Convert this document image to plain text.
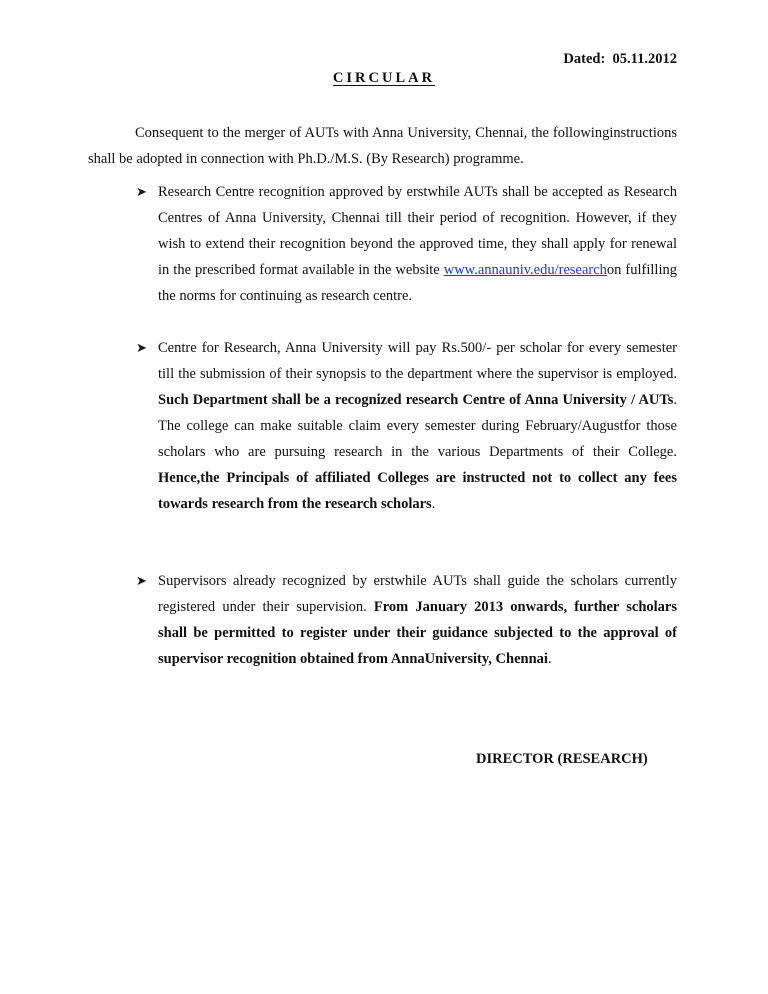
Dated:  05.11.2012
CIRCULAR

Consequent to the merger of AUTs with Anna University, Chennai, the followinginstructions shall be adopted in connection with Ph.D./M.S. (By Research) programme.

➤ Research Centre recognition approved by erstwhile AUTs shall be accepted as Research Centres of Anna University, Chennai till their period of recognition. However, if they wish to extend their recognition beyond the approved time, they shall apply for renewal in the prescribed format available in the website www.annauniv.edu/researchon fulfilling the norms for continuing as research centre.
➤ Centre for Research, Anna University will pay Rs.500/- per scholar for every semester till the submission of their synopsis to the department where the supervisor is employed. Such Department shall be a recognized research Centre of Anna University / AUTs. The college can make suitable claim every semester during February/Augustfor those scholars who are pursuing research in the various Departments of their College. Hence,the Principals of affiliated Colleges are instructed not to collect any fees towards research from the research scholars.
➤ Supervisors already recognized by erstwhile AUTs shall guide the scholars currently registered under their supervision. From January 2013 onwards, further scholars shall be permitted to register under their guidance subjected to the approval of supervisor recognition obtained from AnnaUniversity, Chennai.
DIRECTOR (RESEARCH)
